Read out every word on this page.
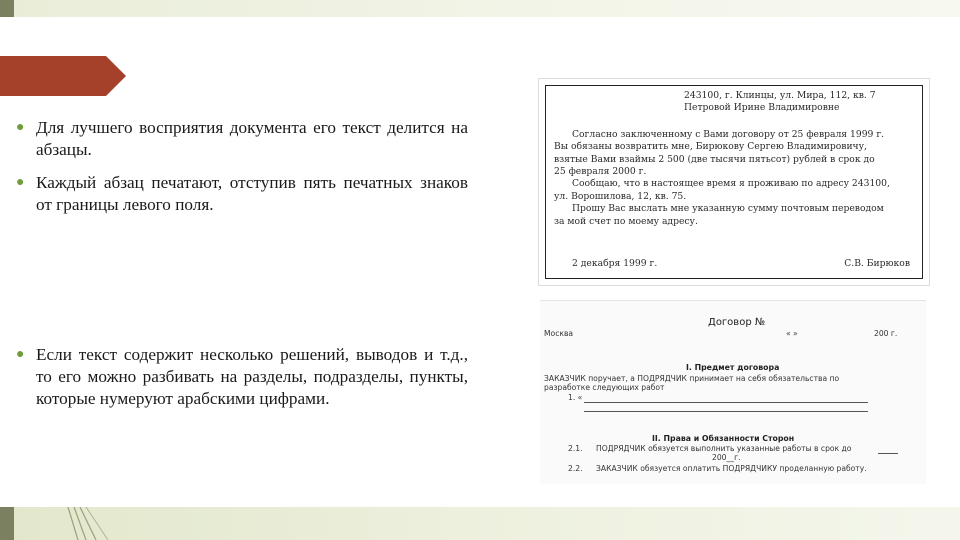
● Для лучшего восприятия документа его текст делится на абзацы.
● Каждый абзац печатают, отступив пять печатных знаков от границы левого поля.
● Если текст содержит несколько решений, выводов и т.д., то его можно разбивать на разделы, подразделы, пункты, которые нумеруют арабскими цифрами.
243100, г. Клинцы, ул. Мира, 112, кв. 7
Петровой Ирине Владимировне
Согласно заключенному с Вами договору от 25 февраля 1999 г.
Вы обязаны возвратить мне, Бирюкову Сергею Владимировичу,
взятые Вами взаймы 2 500 (две тысячи пятьсот) рублей в срок до
25 февраля 2000 г.
Сообщаю, что в настоящее время я проживаю по адресу 243100,
ул. Ворошилова, 12, кв. 75.
Прошу Вас выслать мне указанную сумму почтовым переводом
за мой счет по моему адресу.
2 декабря 1999 г.	С.В. Бирюков
Договор №
Москва	« »	200 г.
I. Предмет договора
ЗАКАЗЧИК поручает, а ПОДРЯДЧИК принимает на себя обязательства по
разработке следующих работ
1. «
II. Права и Обязанности Сторон
2.1. ПОДРЯДЧИК обязуется выполнить указанные работы в срок до
200__г.
2.2. ЗАКАЗЧИК обязуется оплатить ПОДРЯДЧИКУ проделанную работу.
